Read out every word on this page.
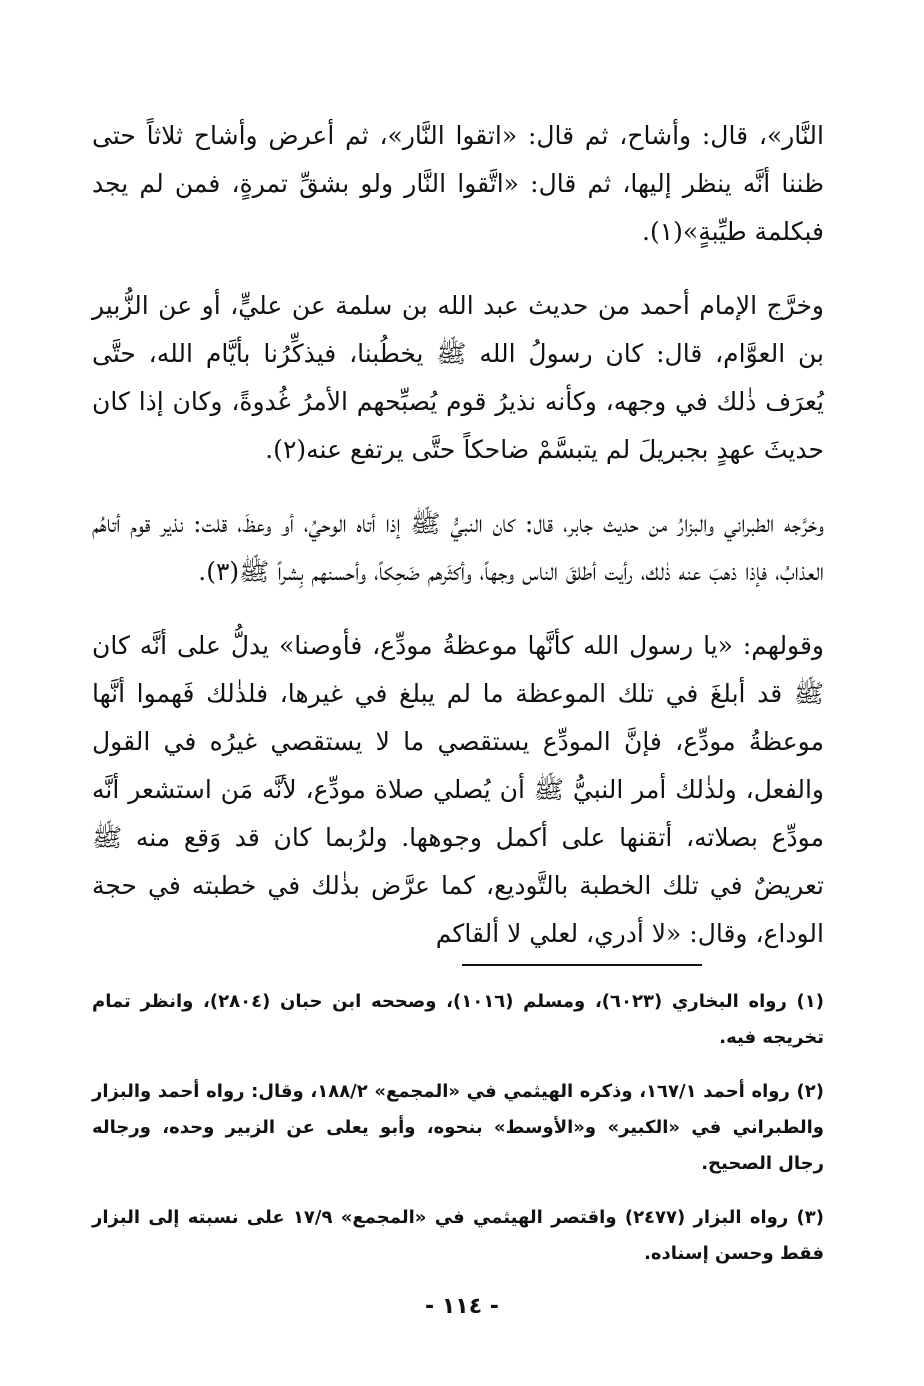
النَّار»، قال: وأشاح، ثم قال: «اتقوا النَّار»، ثم أعرض وأشاح ثلاثاً حتى ظننا أنَّه ينظر إليها، ثم قال: «اتَّقوا النَّار ولو بشقِّ تمرةٍ، فمن لم يجد فبكلمة طيِّبةٍ»(١).

وخرَّج الإمام أحمد من حديث عبد الله بن سلمة عن عليٍّ، أو عن الزُّبير بن العوَّام، قال: كان رسولُ الله ﷺ يخطُبنا، فيذكِّرُنا بأيَّام الله، حتَّى يُعرَف ذٰلك في وجهه، وكأنه نذيرُ قوم يُصبِّحهم الأمرُ غُدوةً، وكان إذا كان حديثَ عهدٍ بجبريلَ لم يتبسَّمْ ضاحكاً حتَّى يرتفع عنه(٢).

وخرَّجه الطبراني والبزارُ من حديث جابر، قال: كان النبيُّ ﷺ إذا أتاه الوحيُ، أو وعظَ، قلت: نذير قوم أتاهُم العذابُ، فإذا ذهبَ عنه ذٰلك، رأيت أطلقَ الناس وجهاً، وأكثَرهم ضَحِكاً، وأحسنهم بِشراً ﷺ(٣).

وقولهم: «يا رسول الله كأنَّها موعظةُ مودِّع، فأوصنا» يدلُّ على أنَّه كان ﷺ قد أبلغَ في تلك الموعظة ما لم يبلغ في غيرها، فلذٰلك فَهموا أنَّها موعظةُ مودِّع، فإنَّ المودِّع يستقصي ما لا يستقصي غيرُه في القول والفعل، ولذٰلك أمر النبيُّ ﷺ أن يُصلي صلاة مودِّع، لأنَّه مَن استشعر أنَّه مودِّع بصلاته، أتقنها على أكمل وجوهها. ولرُبما كان قد وَقع منه ﷺ تعريضٌ في تلك الخطبة بالتَّوديع، كما عرَّض بذٰلك في خطبته في حجة الوداع، وقال: «لا أدري، لعلي لا ألقاكم

(١) رواه البخاري (٦٠٢٣)، ومسلم (١٠١٦)، وصححه ابن حبان (٢٨٠٤)، وانظر تمام تخريجه فيه.

(٢) رواه أحمد ١٦٧/١، وذكره الهيثمي في «المجمع» ١٨٨/٢، وقال: رواه أحمد والبزار والطبراني في «الكبير» و«الأوسط» بنحوه، وأبو يعلى عن الزبير وحده، ورجاله رجال الصحيح.

(٣) رواه البزار (٢٤٧٧) واقتصر الهيثمي في «المجمع» ١٧/٩ على نسبته إلى البزار فقط وحسن إسناده.

- ١١٤ -
